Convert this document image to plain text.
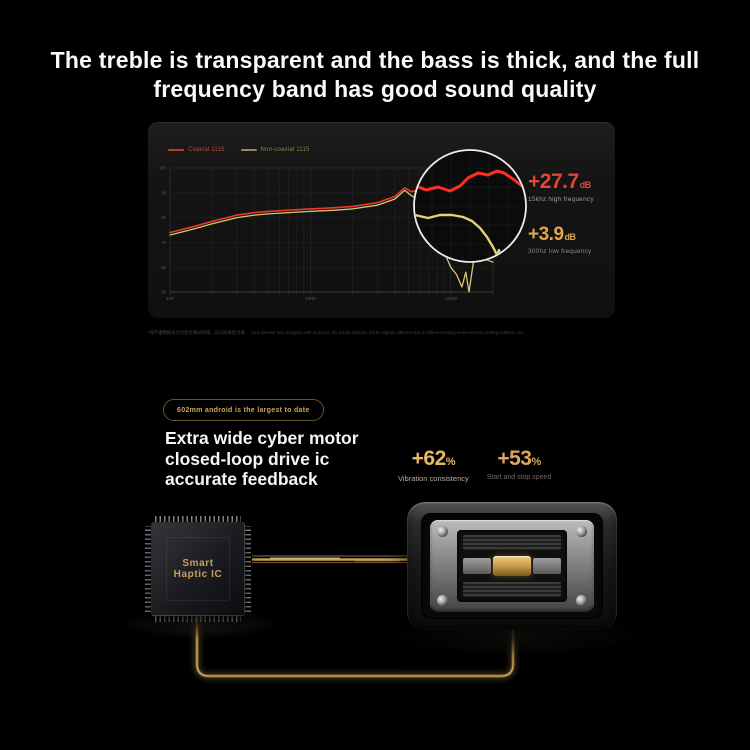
The treble is transparent and the bass is thick, and the full
frequency band has good sound quality
100
90
80
70
60
50
100	1000	10000
Coaxial 1115	Non-coaxial 1115
+27.7dB
15khz high frequency
+3.9dB
300hz low frequency
*扬声器数据来自实验室测试环境，以实际体验为准。 1115 speaker has designed with dual unit, the actual situation will be slightly different due to different testing environments, testing software, etc.
602mm android is the largest to date
Extra wide cyber motor
closed-loop drive ic
accurate feedback
+62%
Vibration consistency
+53%
Start and stop speed
Smart
Haptic IC
